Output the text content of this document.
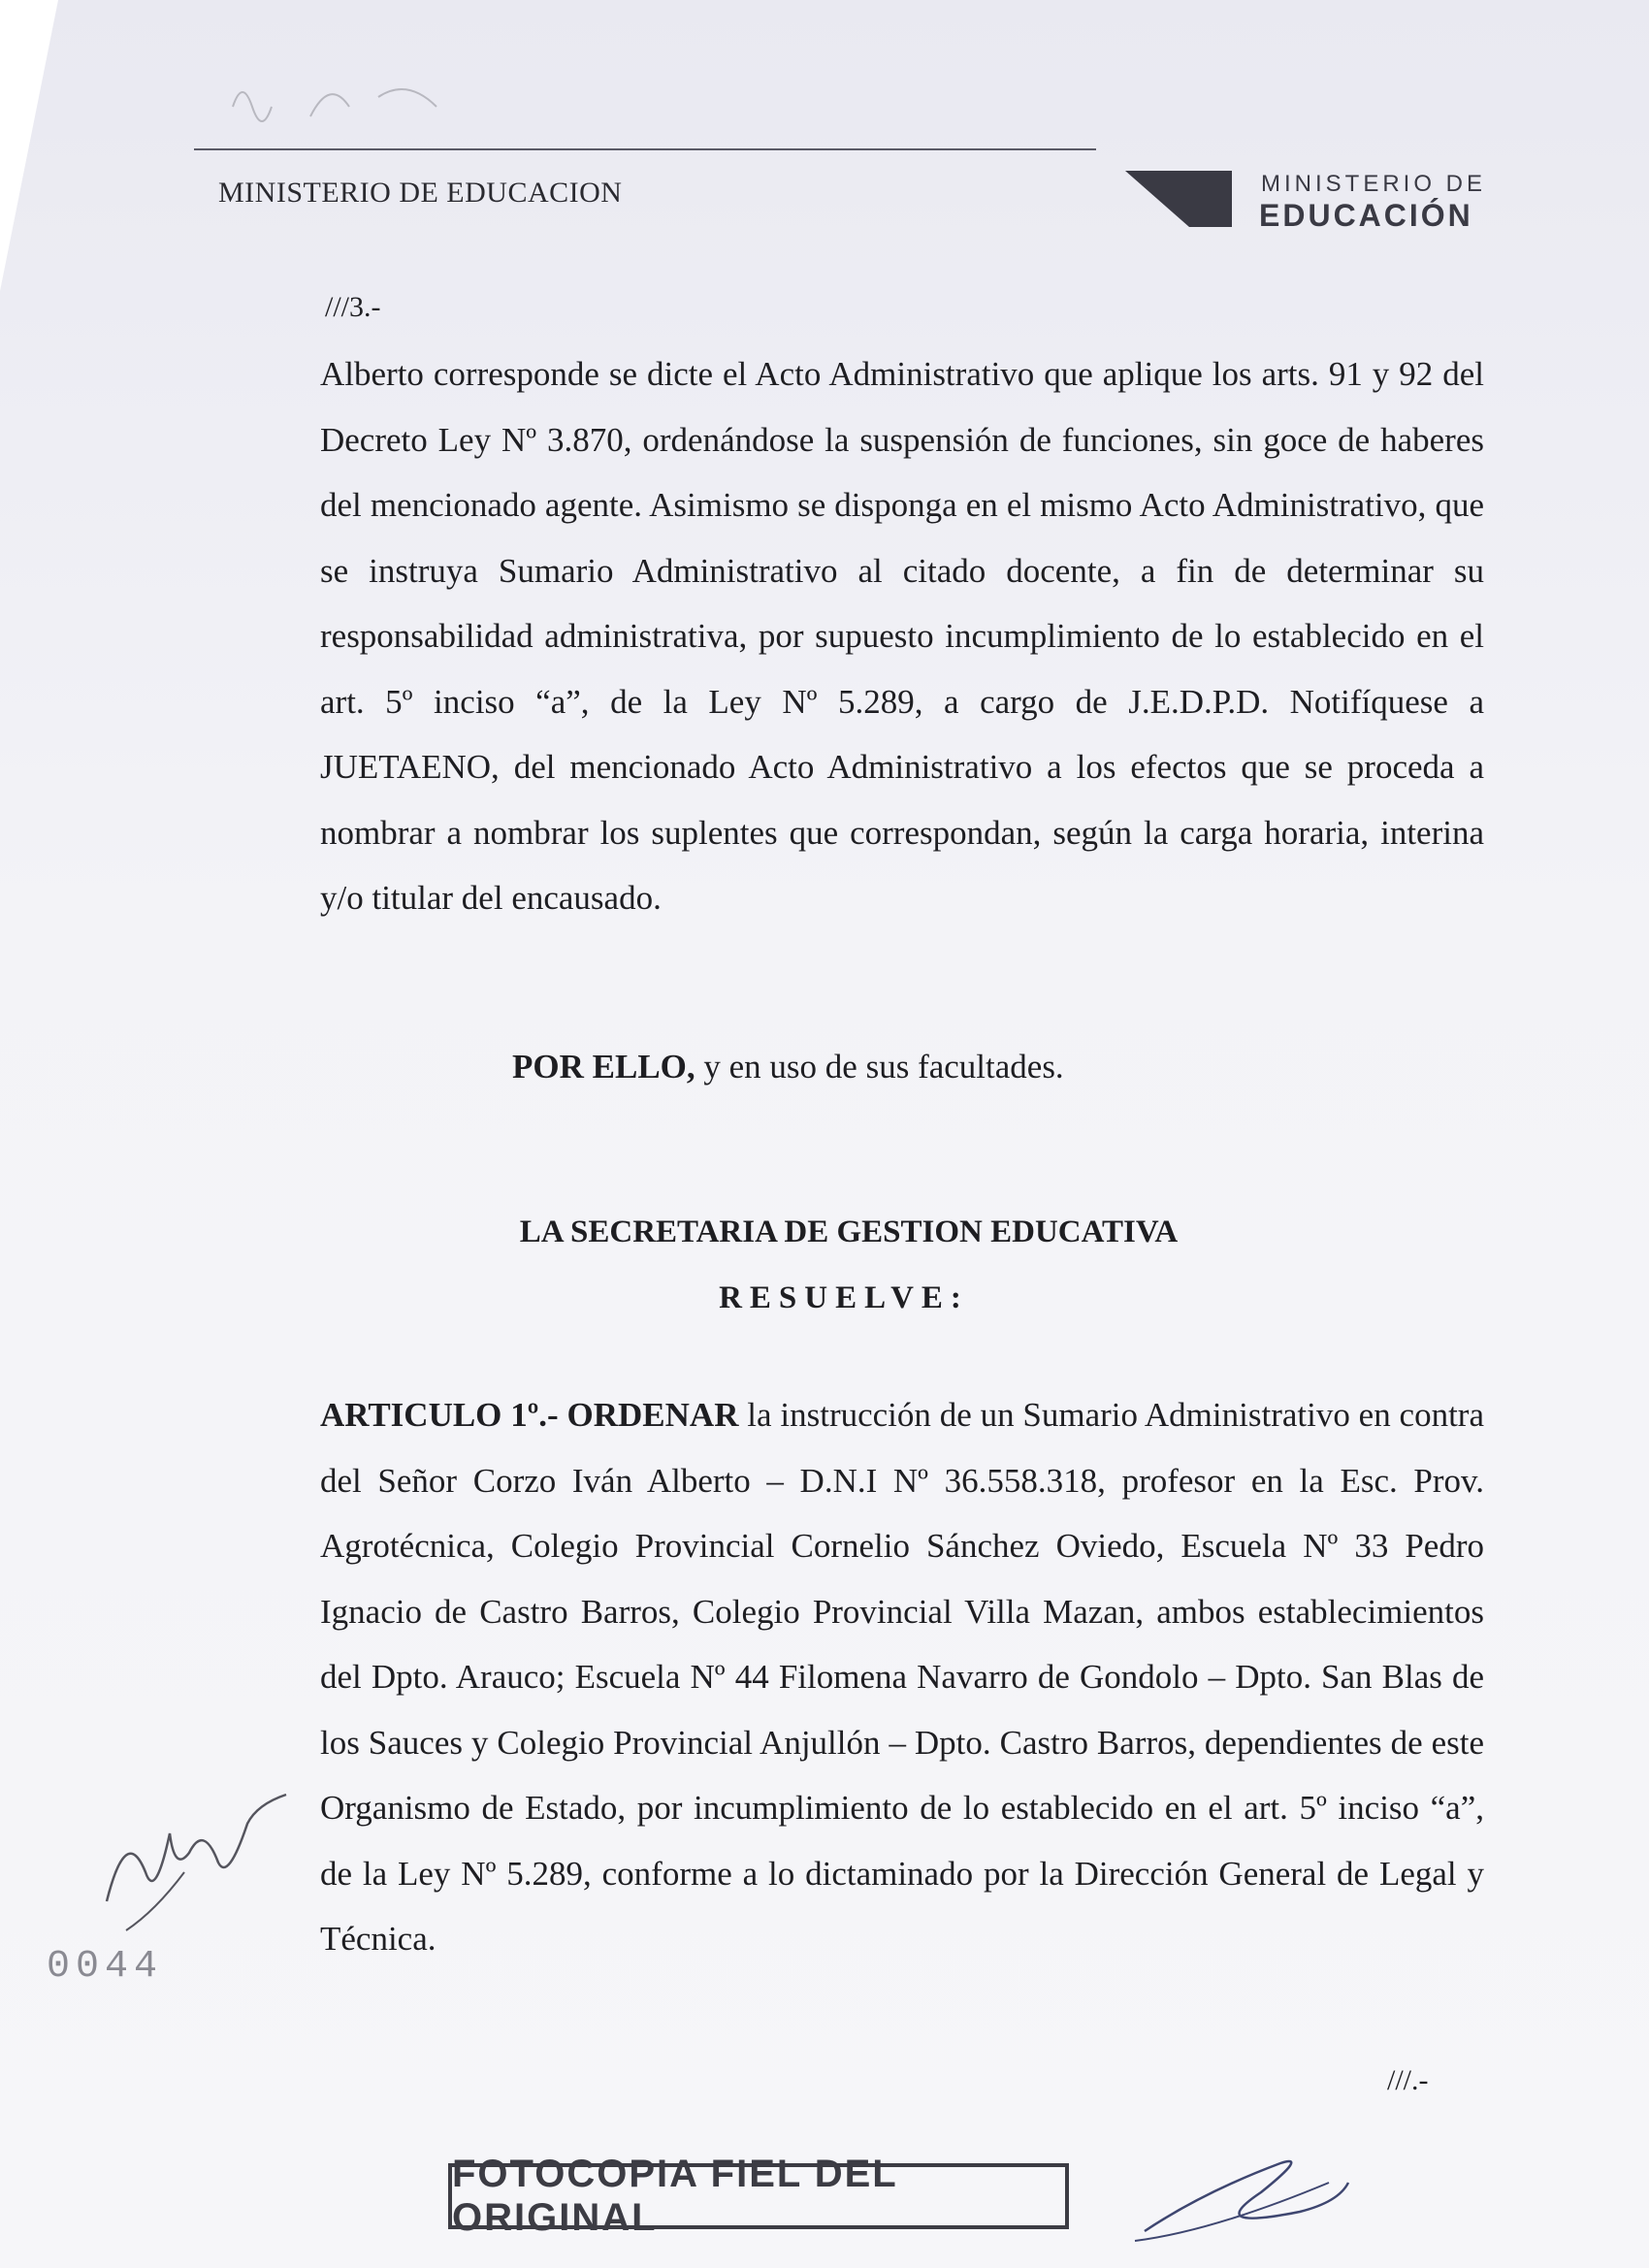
MINISTERIO DE EDUCACION	MINISTERIO DE
EDUCACIÓN
///3.-
Alberto corresponde se dicte el Acto Administrativo que aplique los arts. 91 y 92 del Decreto Ley Nº 3.870, ordenándose la suspensión de funciones, sin goce de haberes del mencionado agente. Asimismo se disponga en el mismo Acto Administrativo, que se instruya Sumario Administrativo al citado docente, a fin de determinar su responsabilidad administrativa, por supuesto incumplimiento de lo establecido en el art. 5º inciso “a”, de la Ley Nº 5.289, a cargo de J.E.D.P.D. Notifíquese a JUETAENO, del mencionado Acto Administrativo a los efectos que se proceda a nombrar a nombrar los suplentes que correspondan, según la carga horaria, interina y/o titular del encausado.
POR ELLO, y en uso de sus facultades.
LA SECRETARIA DE GESTION EDUCATIVA
RESUELVE:
ARTICULO 1º.- ORDENAR la instrucción de un Sumario Administrativo en contra del Señor Corzo Iván Alberto – D.N.I Nº 36.558.318, profesor en la Esc. Prov. Agrotécnica, Colegio Provincial Cornelio Sánchez Oviedo, Escuela Nº 33 Pedro Ignacio de Castro Barros, Colegio Provincial Villa Mazan, ambos establecimientos del Dpto. Arauco; Escuela Nº 44 Filomena Navarro de Gondolo – Dpto. San Blas de los Sauces y Colegio Provincial Anjullón – Dpto. Castro Barros, dependientes de este Organismo de Estado, por incumplimiento de lo establecido en el art. 5º inciso “a”, de la Ley Nº 5.289, conforme a lo dictaminado por la Dirección General de Legal y Técnica.
0044
///.-
FOTOCOPIA FIEL DEL ORIGINAL
